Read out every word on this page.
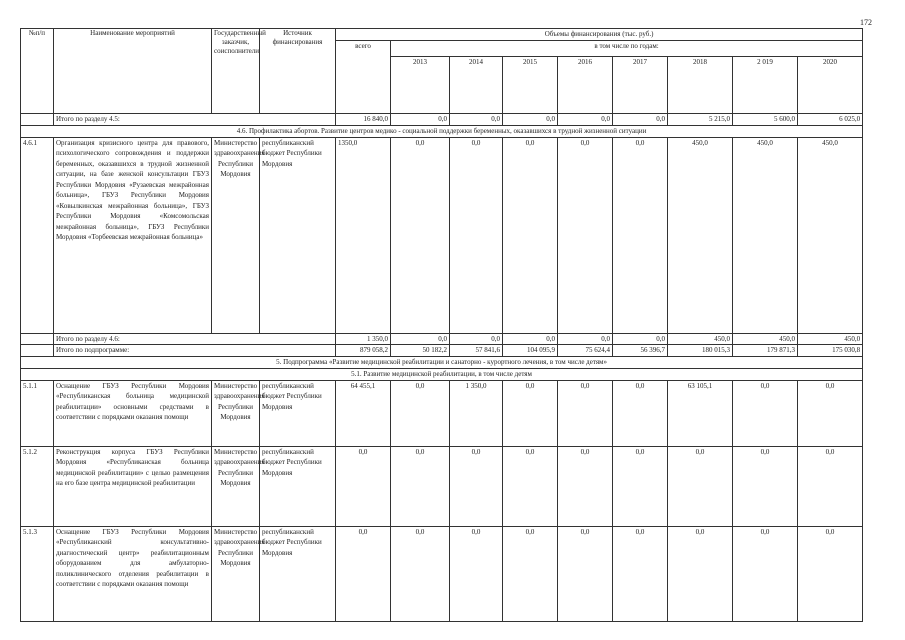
172
№п/п	Наименование мероприятий	Государственный заказчик, соисполнители	Источник финансирования	Объемы финансирования (тыс. руб.)								
				всего	в том числе по годам:							
					2013	2014	2015	2016	2017	2018	2 019	2020
	Итого по разделу 4.5:			16 840,0	0,0	0,0	0,0	0,0	0,0	5 215,0	5 600,0	6 025,0
4.6. Профилактика абортов. Развитие центров медико - социальной поддержки беременных, оказавшихся в трудной жизненной ситуации												
4.6.1	Организация кризисного центра для правового, психологического сопровождения и поддержки беременных, оказавшихся в трудной жизненной ситуации, на базе женской консультации ГБУЗ Республики Мордовия «Рузаевская межрайонная больница», ГБУЗ Республики Мордовия «Ковылкинская межрайонная больница», ГБУЗ Республики Мордовия «Комсомольская межрайонная больница», ГБУЗ Республики Мордовия «Торбеевская межрайонная больница»	Министерство здравоохранения Республики Мордовия	республиканский бюджет Республики Мордовия	1350,0	0,0	0,0	0,0	0,0	0,0	450,0	450,0	450,0
	Итого по разделу 4.6:			1 350,0	0,0	0,0	0,0	0,0	0,0	450,0	450,0	450,0
	Итого по подпрограмме:			879 058,2	50 182,2	57 841,6	104 095,9	75 624,4	56 396,7	180 015,3	179 871,3	175 030,8
5. Подпрограмма «Развитие медицинской реабилитации и санаторно - курортного лечения, в том числе детям»												
5.1. Развитие медицинской реабилитации, в том числе детям												
5.1.1	Оснащение ГБУЗ Республики Мордовия «Республиканская больница медицинской реабилитации» основными средствами в соответствии с порядками оказания помощи	Министерство здравоохранения Республики Мордовия	республиканский бюджет Республики Мордовия	64 455,1	0,0	1 350,0	0,0	0,0	0,0	63 105,1	0,0	0,0
5.1.2	Реконструкция корпуса ГБУЗ Республики Мордовия «Республиканская больница медицинской реабилитации» с целью размещения на его базе центра медицинской реабилитации	Министерство здравоохранения Республики Мордовия	республиканский бюджет Республики Мордовия	0,0	0,0	0,0	0,0	0,0	0,0	0,0	0,0	0,0
5.1.3	Оснащение ГБУЗ Республики Мордовия «Республиканский консультативно-диагностический центр» реабилитационным оборудованием для амбулаторно-поликлинического отделения реабилитации в соответствии с порядками оказания помощи	Министерство здравоохранения Республики Мордовия	республиканский бюджет Республики Мордовия	0,0	0,0	0,0	0,0	0,0	0,0	0,0	0,0	0,0
